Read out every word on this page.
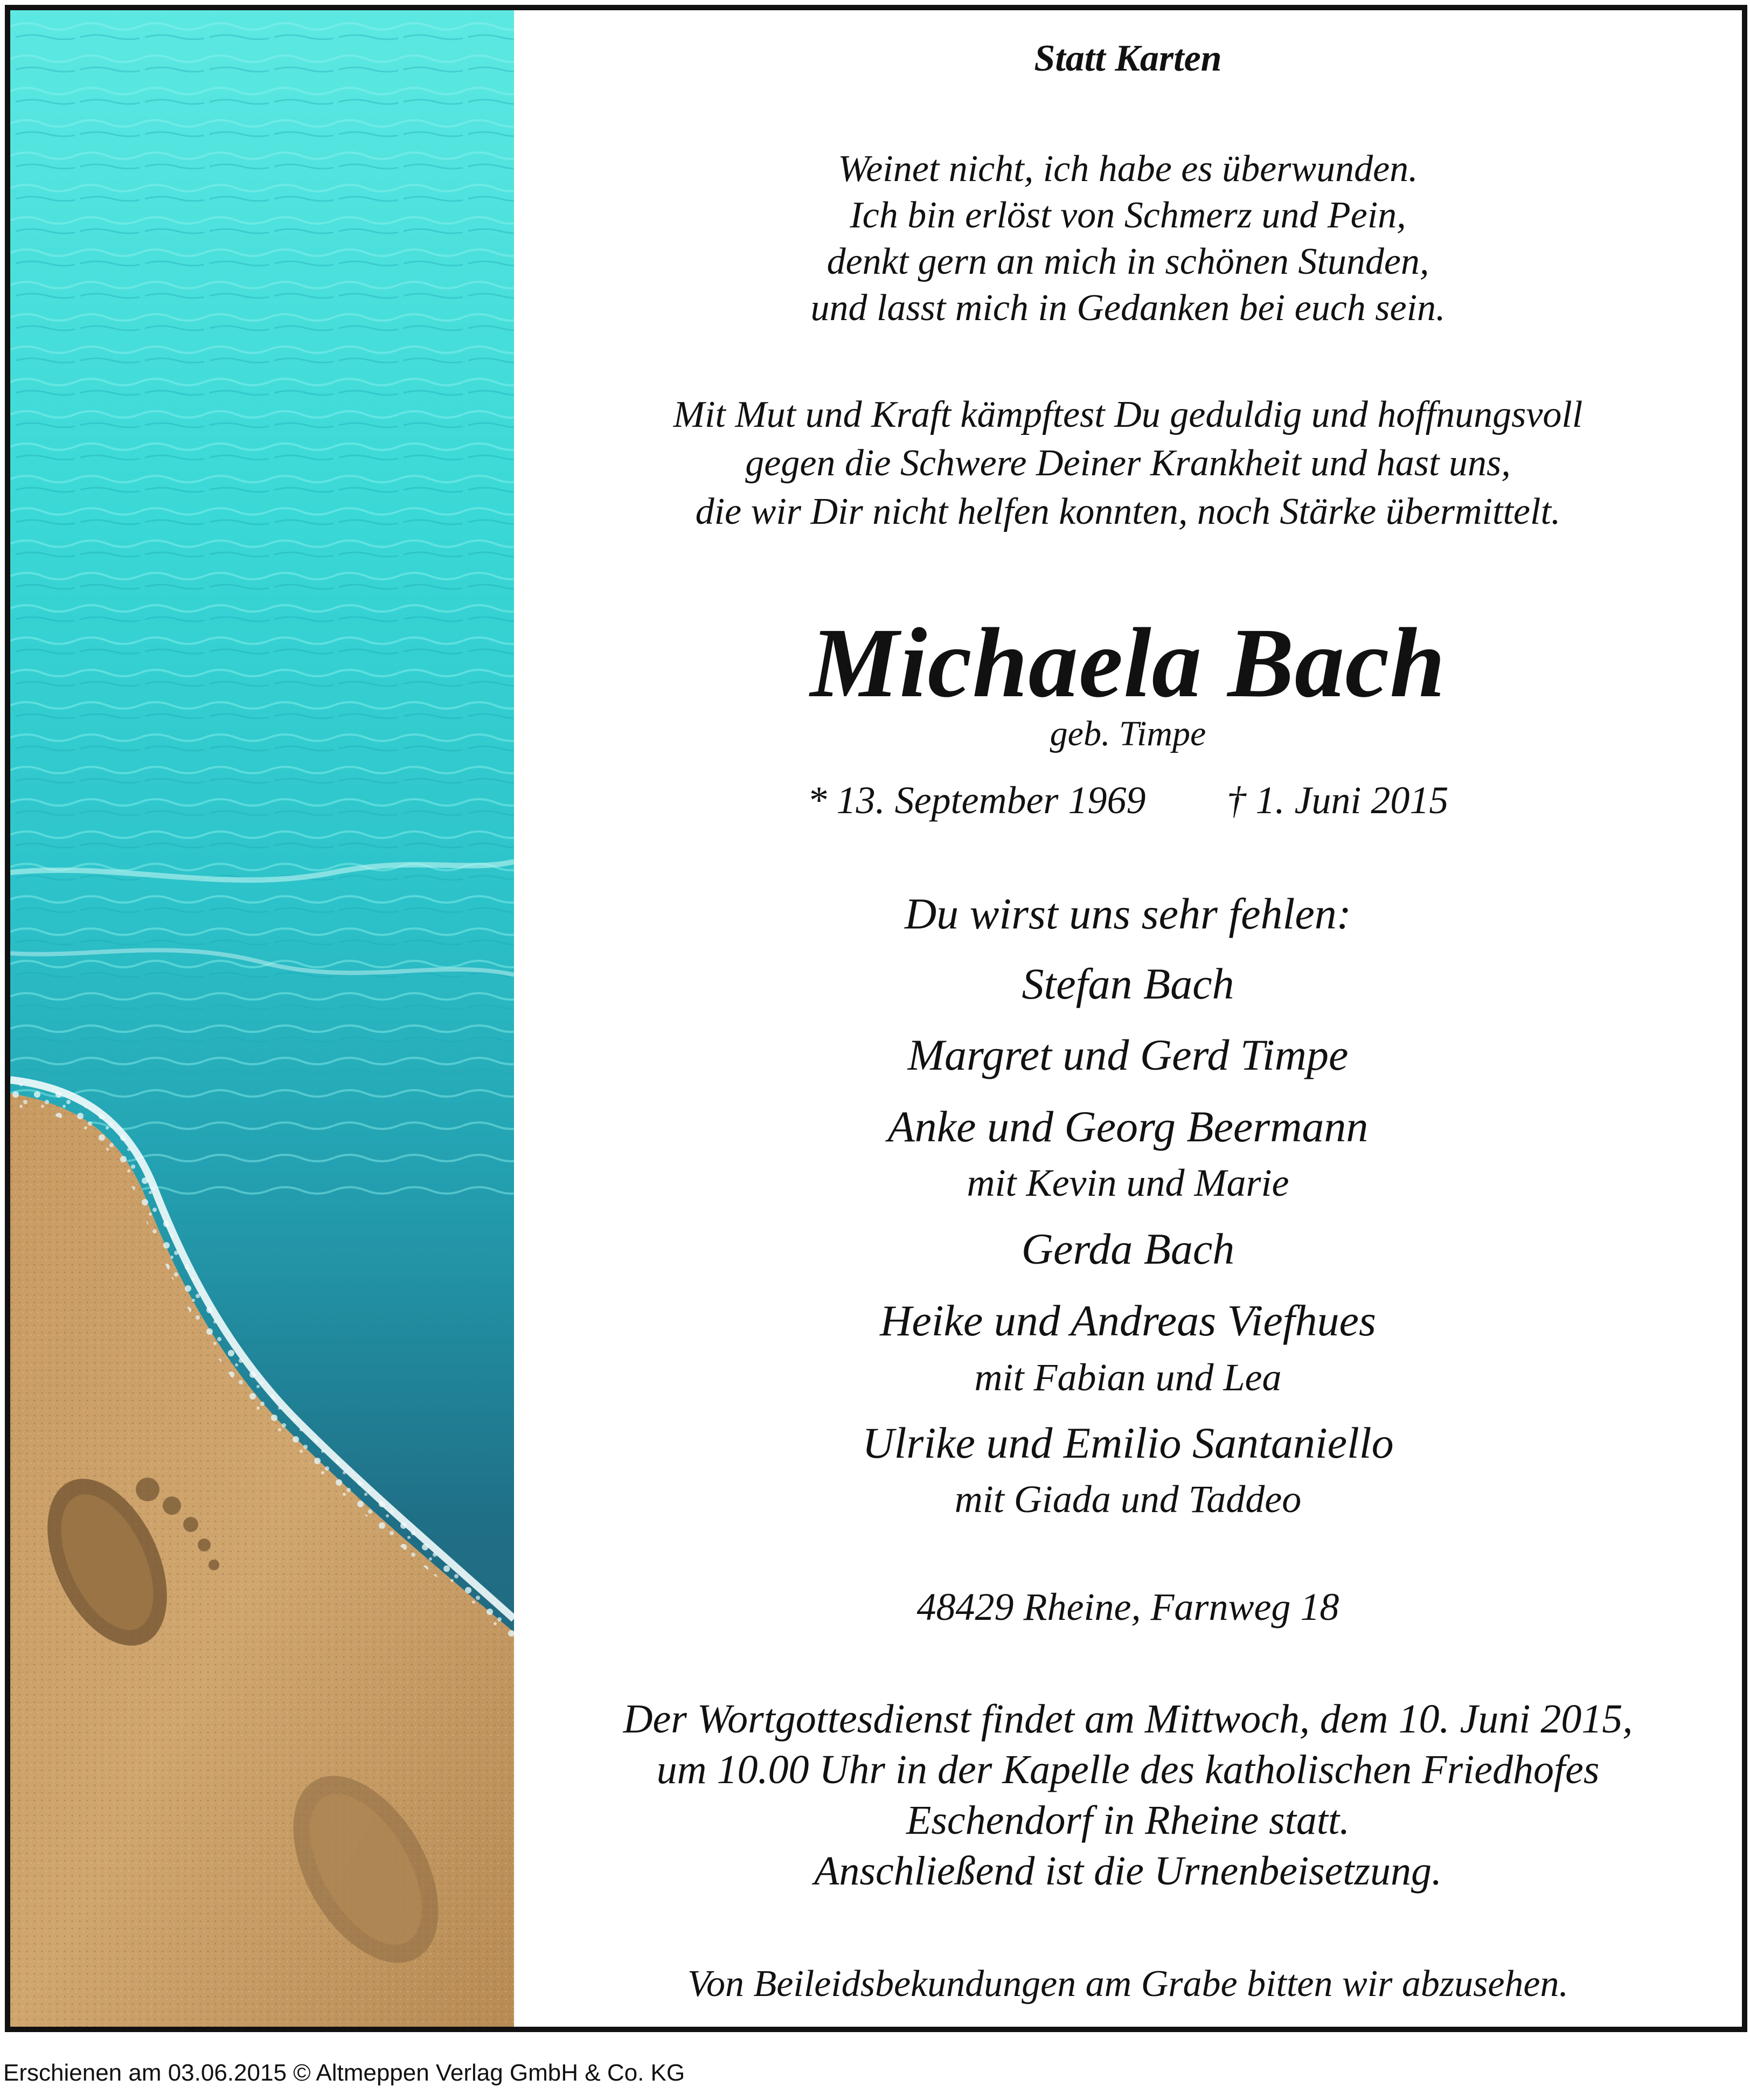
Statt Karten
Weinet nicht, ich habe es überwunden.
Ich bin erlöst von Schmerz und Pein,
denkt gern an mich in schönen Stunden,
und lasst mich in Gedanken bei euch sein.
Mit Mut und Kraft kämpftest Du geduldig und hoffnungsvoll
gegen die Schwere Deiner Krankheit und hast uns,
die wir Dir nicht helfen konnten, noch Stärke übermittelt.
Michaela Bach
geb. Timpe
* 13. September 1969 † 1. Juni 2015
Du wirst uns sehr fehlen:
Stefan Bach
Margret und Gerd Timpe
Anke und Georg Beermann
mit Kevin und Marie
Gerda Bach
Heike und Andreas Viefhues
mit Fabian und Lea
Ulrike und Emilio Santaniello
mit Giada und Taddeo
48429 Rheine, Farnweg 18
Der Wortgottesdienst findet am Mittwoch, dem 10. Juni 2015,
um 10.00 Uhr in der Kapelle des katholischen Friedhofes
Eschendorf in Rheine statt.
Anschließend ist die Urnenbeisetzung.
Von Beileidsbekundungen am Grabe bitten wir abzusehen.
Erschienen am 03.06.2015 © Altmeppen Verlag GmbH & Co. KG
